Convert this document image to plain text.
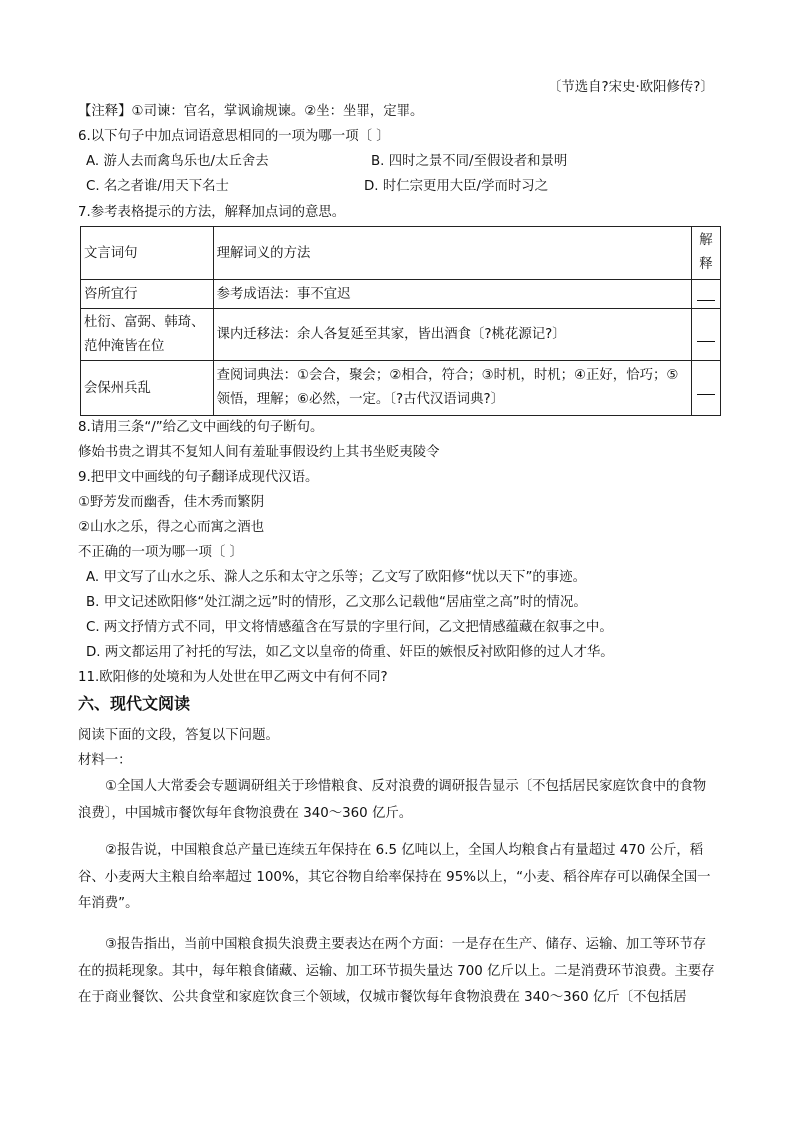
〔节选自?宋史·欧阳修传?〕
【注释】①司谏：官名，掌讽谕规谏。②坐：坐罪，定罪。
6.以下句子中加点词语意思相同的一项为哪一项〔 〕
A. 游人去而禽鸟乐也/太丘舍去	B. 四时之景不同/至假设者和景明
C. 名之者谁/用天下名士	D. 时仁宗更用大臣/学而时习之
7.参考表格提示的方法，解释加点词的意思。
文言词句	理解词义的方法	解释
咨所宜行	参考成语法：事不宜迟	
杜衍、富弼、韩琦、范仲淹皆在位	课内迁移法：余人各复延至其家，皆出酒食〔?桃花源记?〕	
会保州兵乱	查阅词典法：①会合，聚会；②相合，符合；③时机，时机；④正好，恰巧；⑤领悟，理解；⑥必然，一定。〔?古代汉语词典?〕	
8.请用三条“/”给乙文中画线的句子断句。
修始书贵之谓其不复知人间有羞耻事假设约上其书坐贬夷陵令
9.把甲文中画线的句子翻译成现代汉语。
①野芳发而幽香，佳木秀而繁阴
②山水之乐，得之心而寓之酒也
不正确的一项为哪一项〔 〕
A. 甲文写了山水之乐、滁人之乐和太守之乐等；乙文写了欧阳修“忧以天下”的事迹。
B. 甲文记述欧阳修“处江湖之远”时的情形，乙文那么记载他“居庙堂之高”时的情况。
C. 两文抒情方式不同，甲文将情感蕴含在写景的字里行间，乙文把情感蕴藏在叙事之中。
D. 两文都运用了衬托的写法，如乙文以皇帝的倚重、奸臣的嫉恨反衬欧阳修的过人才华。
11.欧阳修的处境和为人处世在甲乙两文中有何不同?
六、现代文阅读
阅读下面的文段，答复以下问题。
材料一：
①全国人大常委会专题调研组关于珍惜粮食、反对浪费的调研报告显示〔不包括居民家庭饮食中的食物浪费〕，中国城市餐饮每年食物浪费在 340～360 亿斤。
②报告说，中国粮食总产量已连续五年保持在 6.5 亿吨以上，全国人均粮食占有量超过 470 公斤，稻谷、小麦两大主粮自给率超过 100%，其它谷物自给率保持在 95%以上，“小麦、稻谷库存可以确保全国一年消费”。
③报告指出，当前中国粮食损失浪费主要表达在两个方面：一是存在生产、储存、运输、加工等环节存在的损耗现象。其中，每年粮食储藏、运输、加工环节损失量达 700 亿斤以上。二是消费环节浪费。主要存在于商业餐饮、公共食堂和家庭饮食三个领域，仅城市餐饮每年食物浪费在 340～360 亿斤〔不包括居
